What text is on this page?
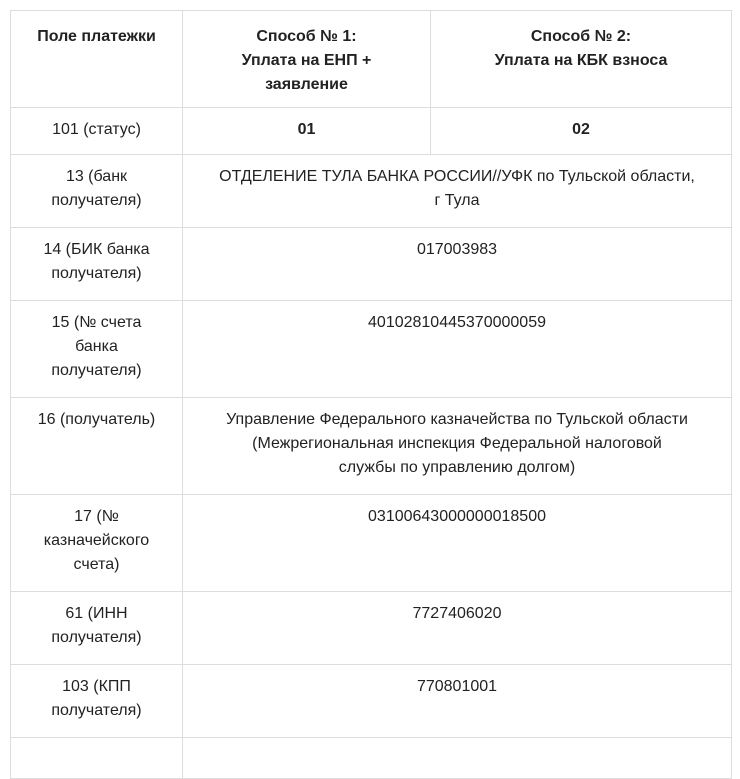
Поле платежки	Способ № 1:
Уплата на ЕНП +
заявление	Способ № 2:
Уплата на КБК взноса

101 (статус)	01	02

13 (банк
получателя)	ОТДЕЛЕНИЕ ТУЛА БАНКА РОССИИ//УФК по Тульской области,
г Тула	

14 (БИК банка
получателя)	017003983	

15 (№ счета
банка
получателя)	40102810445370000059	

16 (получатель)	Управление Федерального казначейства по Тульской области
(Межрегиональная инспекция Федеральной налоговой
службы по управлению долгом)	

17 (№
казначейского
счета)	03100643000000018500	

61 (ИНН
получателя)	7727406020	

103 (КПП
получателя)	770801001	
